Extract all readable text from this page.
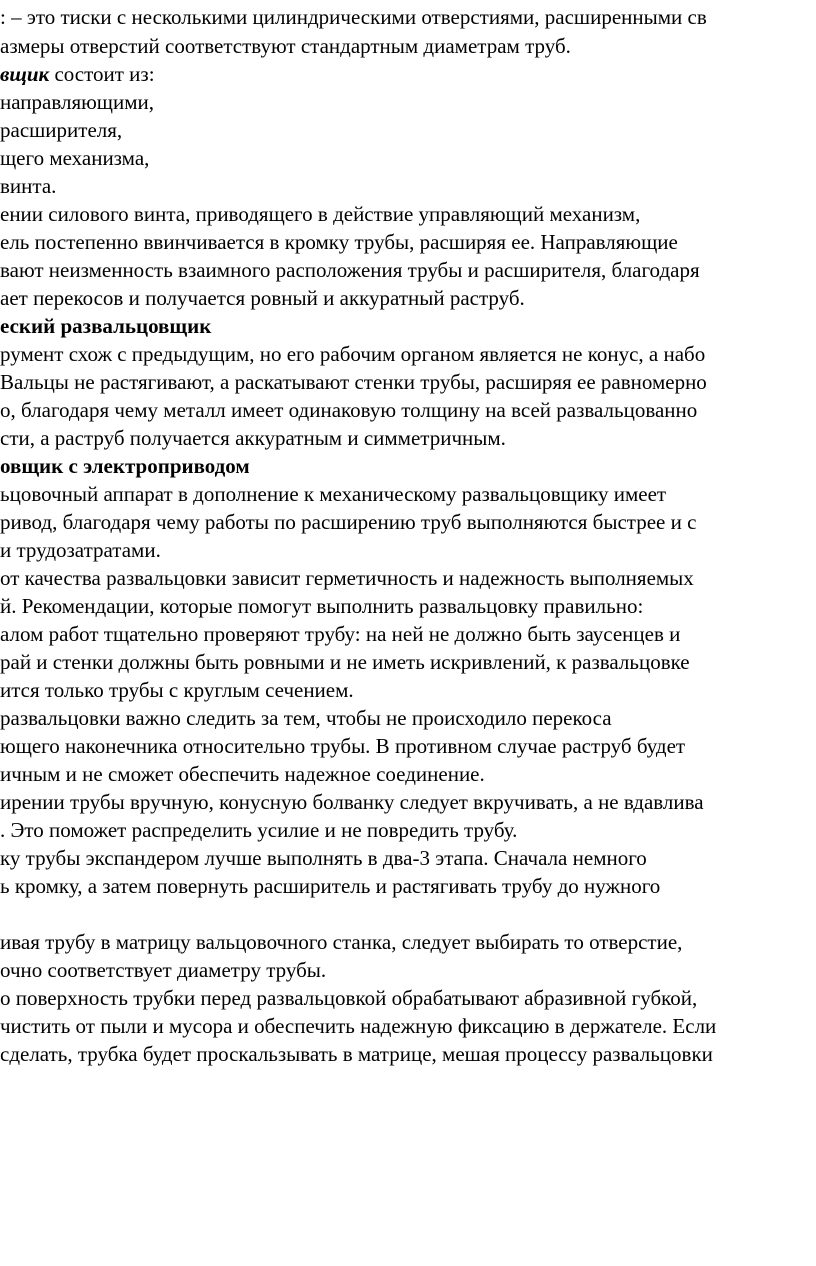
: – это тиски с несколькими цилиндрическими отверстиями, расширенными св
азмеры отверстий соответствуют стандартным диаметрам труб.
вщик состоит из:
направляющими,
расширителя,
щего механизма,
винта.
ении силового винта, приводящего в действие управляющий механизм,
ель постепенно ввинчивается в кромку трубы, расширяя ее. Направляющие
вают неизменность взаимного расположения трубы и расширителя, благодаря
ает перекосов и получается ровный и аккуратный раструб.
еский развальцовщик
румент схож с предыдущим, но его рабочим органом является не конус, а набо
Вальцы не растягивают, а раскатывают стенки трубы, расширяя ее равномерно
о, благодаря чему металл имеет одинаковую толщину на всей развальцованно
сти, а раструб получается аккуратным и симметричным.
овщик с электроприводом
ьцовочный аппарат в дополнение к механическому развальцовщику имеет
ривод, благодаря чему работы по расширению труб выполняются быстрее и с
и трудозатратами.
от качества развальцовки зависит герметичность и надежность выполняемых
й. Рекомендации, которые помогут выполнить развальцовку правильно:
алом работ тщательно проверяют трубу: на ней не должно быть заусенцев и
рай и стенки должны быть ровными и не иметь искривлений, к развальцовке
ится только трубы с круглым сечением.
развальцовки важно следить за тем, чтобы не происходило перекоса
ющего наконечника относительно трубы. В противном случае раструб будет
ичным и не сможет обеспечить надежное соединение.
ирении трубы вручную, конусную болванку следует вкручивать, а не вдавлива
. Это поможет распределить усилие и не повредить трубу.
ку трубы экспандером лучше выполнять в два-3 этапа. Сначала немного
ь кромку, а затем повернуть расширитель и растягивать трубу до нужного
ивая трубу в матрицу вальцовочного станка, следует выбирать то отверстие,
очно соответствует диаметру трубы.
о поверхность трубки перед развальцовкой обрабатывают абразивной губкой,
чистить от пыли и мусора и обеспечить надежную фиксацию в держателе. Если
сделать, трубка будет проскальзывать в матрице, мешая процессу развальцовки
